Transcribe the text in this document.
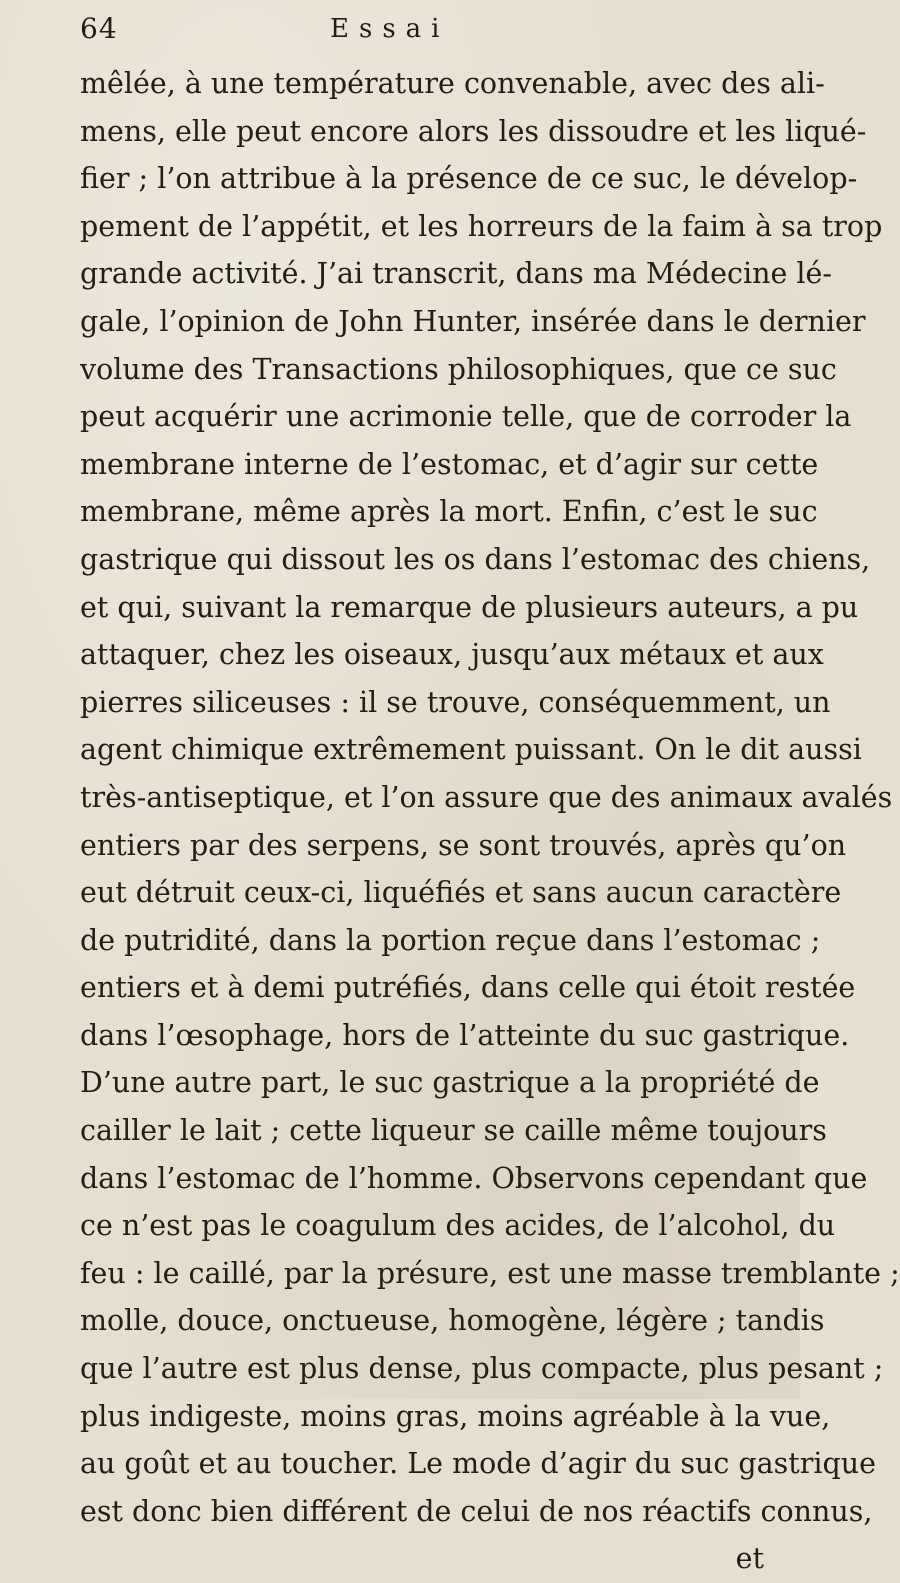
64	Essai
mêlée, à une température convenable, avec des ali-
mens, elle peut encore alors les dissoudre et les liqué-
fier ; l’on attribue à la présence de ce suc, le dévelop-
pement de l’appétit, et les horreurs de la faim à sa trop
grande activité. J’ai transcrit, dans ma Médecine lé-
gale, l’opinion de John Hunter, insérée dans le dernier
volume des Transactions philosophiques, que ce suc
peut acquérir une acrimonie telle, que de corroder la
membrane interne de l’estomac, et d’agir sur cette
membrane, même après la mort. Enfin, c’est le suc
gastrique qui dissout les os dans l’estomac des chiens,
et qui, suivant la remarque de plusieurs auteurs, a pu
attaquer, chez les oiseaux, jusqu’aux métaux et aux
pierres siliceuses : il se trouve, conséquemment, un
agent chimique extrêmement puissant. On le dit aussi
très-antiseptique, et l’on assure que des animaux avalés
entiers par des serpens, se sont trouvés, après qu’on
eut détruit ceux-ci, liquéfiés et sans aucun caractère
de putridité, dans la portion reçue dans l’estomac ;
entiers et à demi putréfiés, dans celle qui étoit restée
dans l’œsophage, hors de l’atteinte du suc gastrique.
D’une autre part, le suc gastrique a la propriété de
cailler le lait ; cette liqueur se caille même toujours
dans l’estomac de l’homme. Observons cependant que
ce n’est pas le coagulum des acides, de l’alcohol, du
feu : le caillé, par la présure, est une masse tremblante ;
molle, douce, onctueuse, homogène, légère ; tandis
que l’autre est plus dense, plus compacte, plus pesant ;
plus indigeste, moins gras, moins agréable à la vue,
au goût et au toucher. Le mode d’agir du suc gastrique
est donc bien différent de celui de nos réactifs connus,
et
